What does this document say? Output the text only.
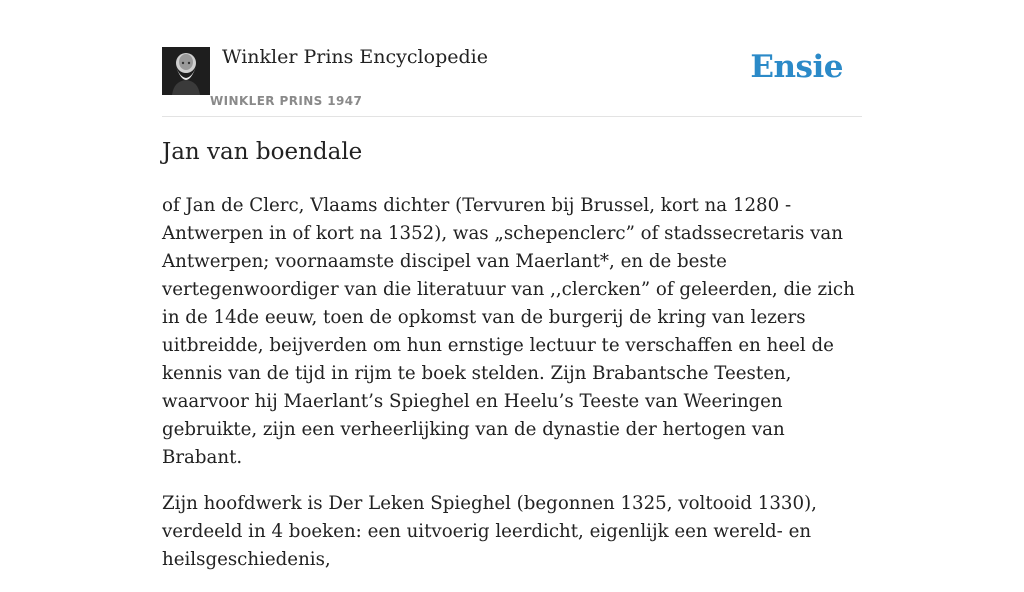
Winkler Prins Encyclopedie
WINKLER PRINS 1947
Ensie
Jan van boendale

of Jan de Clerc, Vlaams dichter (Tervuren bij Brussel, kort na 1280 - Antwerpen in of kort na 1352), was „schepenclerc” of stadssecretaris van Antwerpen; voornaamste discipel van Maerlant*, en de beste vertegenwoordiger van die literatuur van ,,clercken” of geleerden, die zich in de 14de eeuw, toen de opkomst van de burgerij de kring van lezers uitbreidde, beijverden om hun ernstige lectuur te verschaffen en heel de kennis van de tijd in rijm te boek stelden. Zijn Brabantsche Teesten, waarvoor hij Maerlant’s Spieghel en Heelu’s Teeste van Weeringen gebruikte, zijn een verheerlijking van de dynastie der hertogen van Brabant.

Zijn hoofdwerk is Der Leken Spieghel (begonnen 1325, voltooid 1330), verdeeld in 4 boeken: een uitvoerig leerdicht, eigenlijk een wereld- en heilsgeschiedenis,
